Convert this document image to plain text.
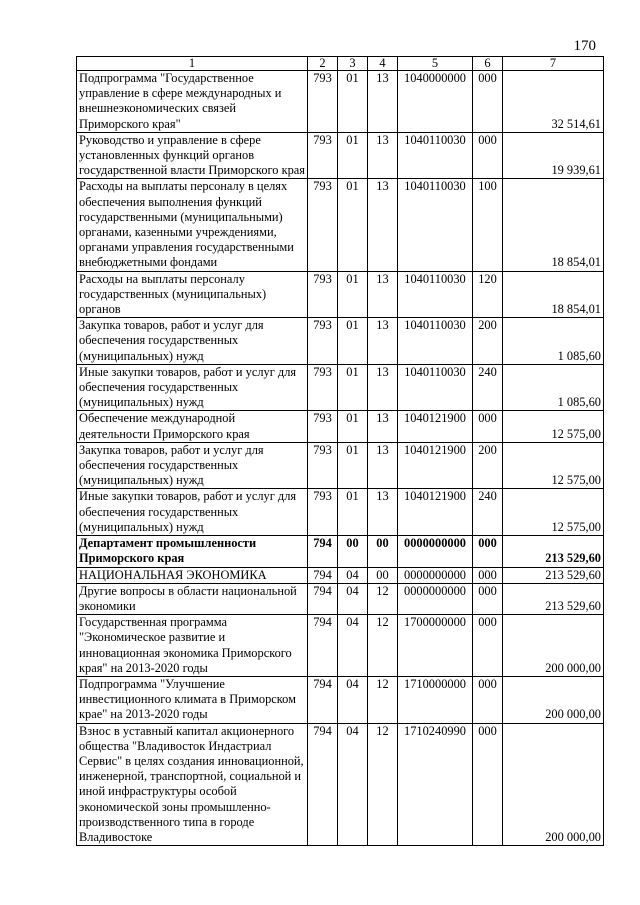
170
1	2	3	4	5	6	7
Подпрограмма "Государственное управление в сфере международных и внешнеэкономических связей Приморского края"	793	01	13	1040000000	000	32 514,61
Руководство и управление в сфере установленных функций органов государственной власти Приморского края	793	01	13	1040110030	000	19 939,61
Расходы на выплаты персоналу в целях обеспечения выполнения функций государственными (муниципальными) органами, казенными учреждениями, органами управления государственными внебюджетными фондами	793	01	13	1040110030	100	18 854,01
Расходы на выплаты персоналу государственных (муниципальных) органов	793	01	13	1040110030	120	18 854,01
Закупка товаров, работ и услуг для обеспечения государственных (муниципальных) нужд	793	01	13	1040110030	200	1 085,60
Иные закупки товаров, работ и услуг для обеспечения государственных (муниципальных) нужд	793	01	13	1040110030	240	1 085,60
Обеспечение международной деятельности Приморского края	793	01	13	1040121900	000	12 575,00
Закупка товаров, работ и услуг для обеспечения государственных (муниципальных) нужд	793	01	13	1040121900	200	12 575,00
Иные закупки товаров, работ и услуг для обеспечения государственных (муниципальных) нужд	793	01	13	1040121900	240	12 575,00
Департамент промышленности Приморского края	794	00	00	0000000000	000	213 529,60
НАЦИОНАЛЬНАЯ ЭКОНОМИКА	794	04	00	0000000000	000	213 529,60
Другие вопросы в области национальной экономики	794	04	12	0000000000	000	213 529,60
Государственная программа "Экономическое развитие и инновационная экономика Приморского края" на 2013-2020 годы	794	04	12	1700000000	000	200 000,00
Подпрограмма "Улучшение инвестиционного климата в Приморском крае" на 2013-2020 годы	794	04	12	1710000000	000	200 000,00
Взнос в уставный капитал акционерного общества "Владивосток Индастриал Сервис" в целях создания инновационной, инженерной, транспортной, социальной и иной инфраструктуры особой экономической зоны промышленно-производственного типа в городе Владивостоке	794	04	12	1710240990	000	200 000,00
